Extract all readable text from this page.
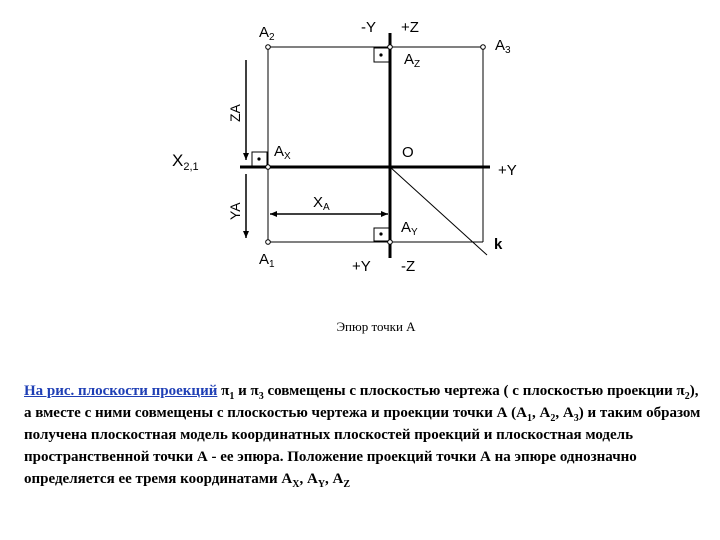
$A_2$
-Y +Z
$A_3$
$A_Z$
$X_{2,1}$
$A_X$	O
+Y
ZA
YA	$X_A$
$A_Y$
k
$A_1$	+Y -Z
Эпюр точки А
На рис. плоскости проекций $\pi_1$ и $\pi_3$ совмещены с плоскостью чертежа ( с плоскостью проекции $\pi_2$), а вместе с ними совмещены с плоскостью чертежа и проекции точки А ($А_1$, $А_2$, $А_3$) и таким образом получена плоскостная модель координатных плоскостей проекций и плоскостная модель пространственной точки А - ее эпюра. Положение проекций точки А на эпюре однозначно определяется ее тремя координатами $А_X$, $А_Y$, $А_Z$
